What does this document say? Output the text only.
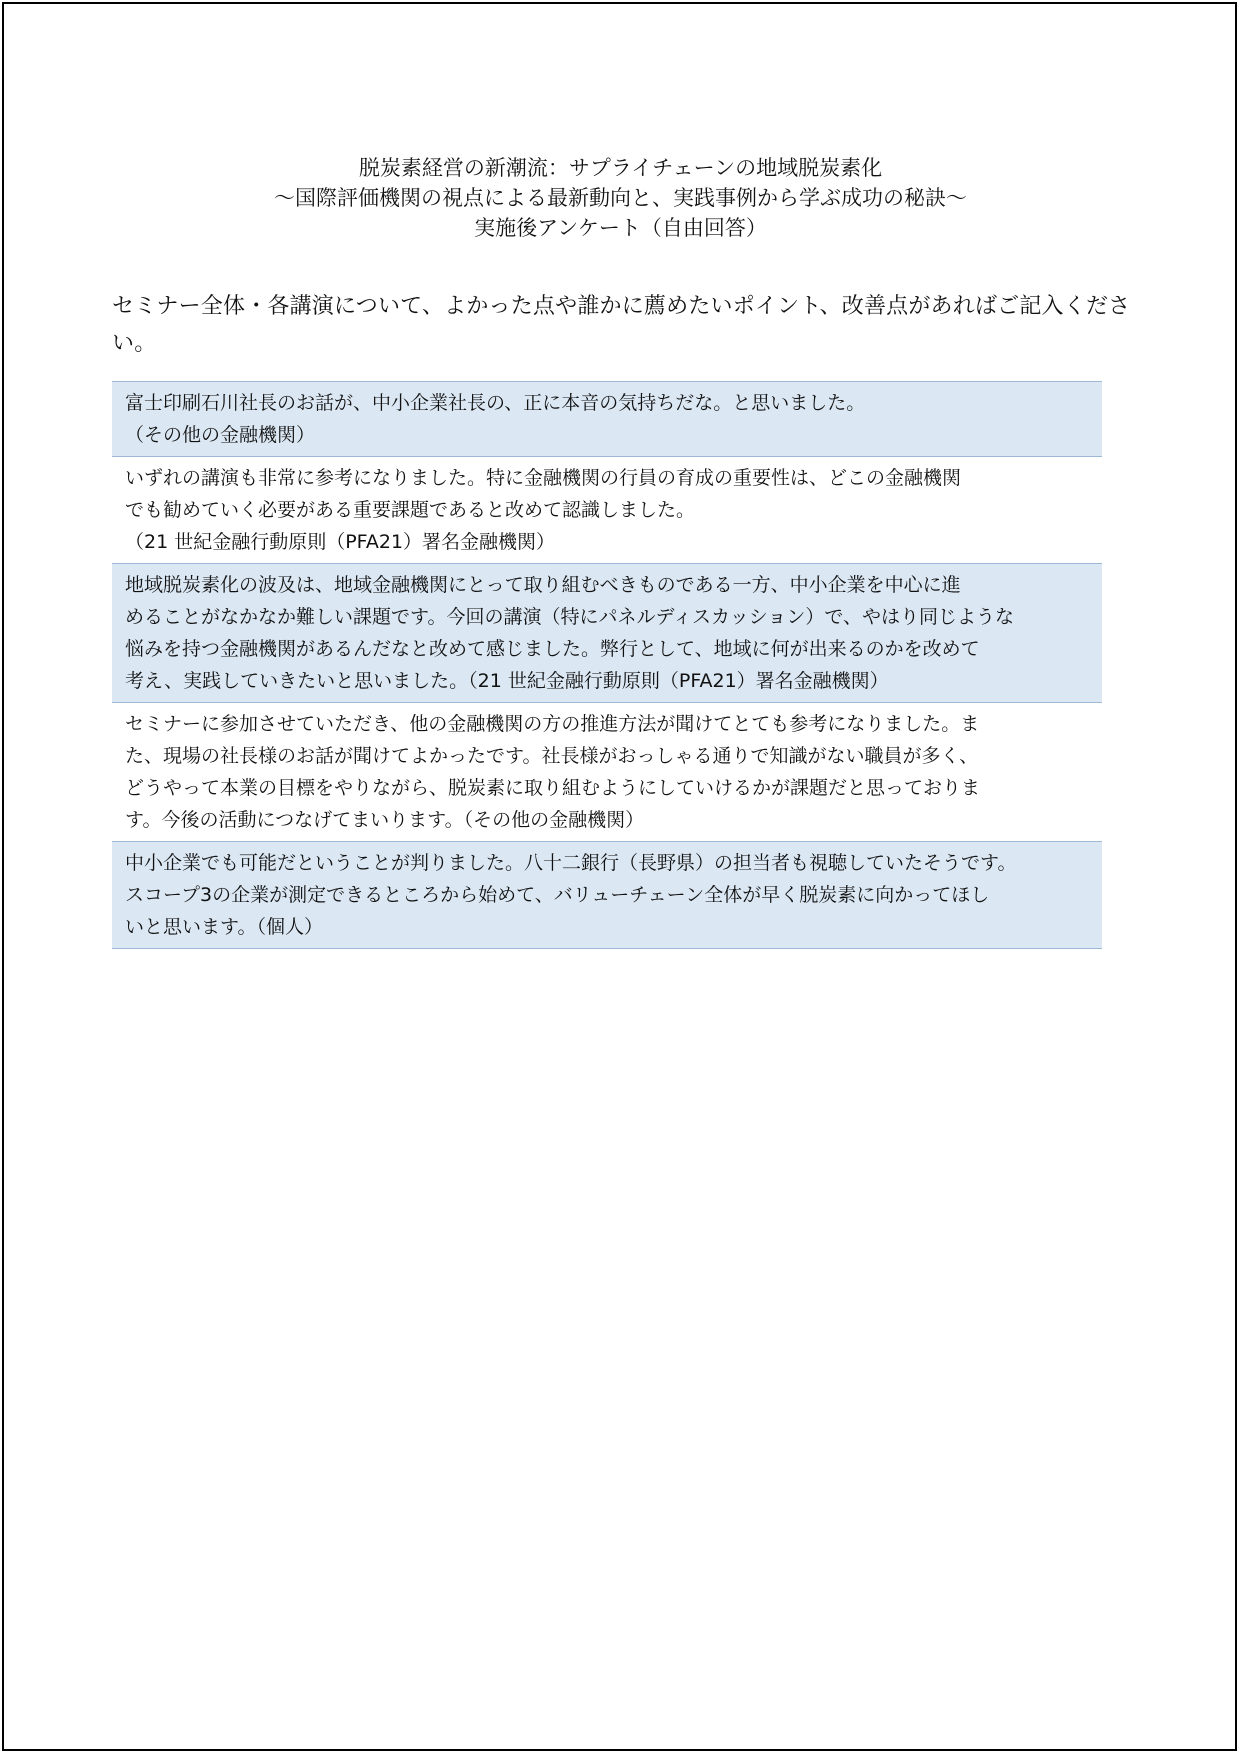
脱炭素経営の新潮流：サプライチェーンの地域脱炭素化
～国際評価機関の視点による最新動向と、実践事例から学ぶ成功の秘訣～
実施後アンケート（自由回答）
セミナー全体・各講演について、よかった点や誰かに薦めたいポイント、改善点があればご記入くださ
い。
富士印刷石川社長のお話が、中小企業社長の、正に本音の気持ちだな。と思いました。
（その他の金融機関）
いずれの講演も非常に参考になりました。特に金融機関の行員の育成の重要性は、どこの金融機関
でも勧めていく必要がある重要課題であると改めて認識しました。
（21 世紀金融行動原則（PFA21）署名金融機関）
地域脱炭素化の波及は、地域金融機関にとって取り組むべきものである一方、中小企業を中心に進
めることがなかなか難しい課題です。今回の講演（特にパネルディスカッション）で、やはり同じような
悩みを持つ金融機関があるんだなと改めて感じました。弊行として、地域に何が出来るのかを改めて
考え、実践していきたいと思いました。（21 世紀金融行動原則（PFA21）署名金融機関）
セミナーに参加させていただき、他の金融機関の方の推進方法が聞けてとても参考になりました。ま
た、現場の社長様のお話が聞けてよかったです。社長様がおっしゃる通りで知識がない職員が多く、
どうやって本業の目標をやりながら、脱炭素に取り組むようにしていけるかが課題だと思っておりま
す。今後の活動につなげてまいります。（その他の金融機関）
中小企業でも可能だということが判りました。八十二銀行（長野県）の担当者も視聴していたそうです。
スコープ3の企業が測定できるところから始めて、バリューチェーン全体が早く脱炭素に向かってほし
いと思います。（個人）
